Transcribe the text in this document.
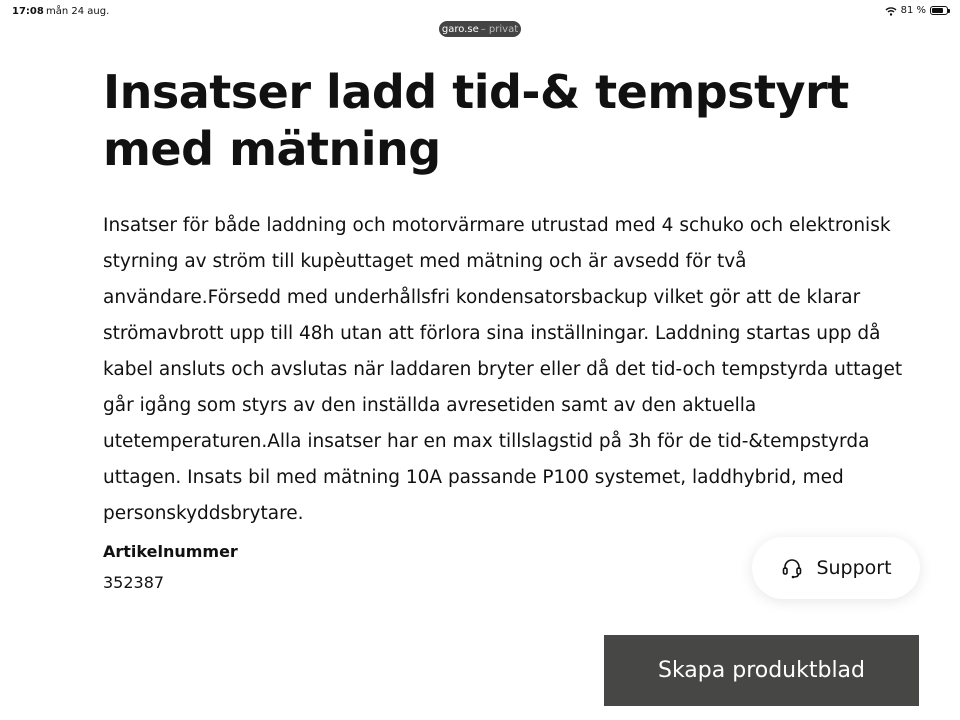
17:08 mån 24 aug.	81 %
garo.se – privat
Insatser ladd tid-& tempstyrt med mätning

Insatser för både laddning och motorvärmare utrustad med 4 schuko och elektronisk styrning av ström till kupèuttaget med mätning och är avsedd för två användare.Försedd med underhållsfri kondensatorsbackup vilket gör att de klarar strömavbrott upp till 48h utan att förlora sina inställningar. Laddning startas upp då kabel ansluts och avslutas när laddaren bryter eller då det tid-och tempstyrda uttaget går igång som styrs av den inställda avresetiden samt av den aktuella utetemperaturen.Alla insatser har en max tillslagstid på 3h för de tid-&tempstyrda uttagen. Insats bil med mätning 10A passande P100 systemet, laddhybrid, med personskyddsbrytare.

Artikelnummer
352387
Support
Skapa produktblad
